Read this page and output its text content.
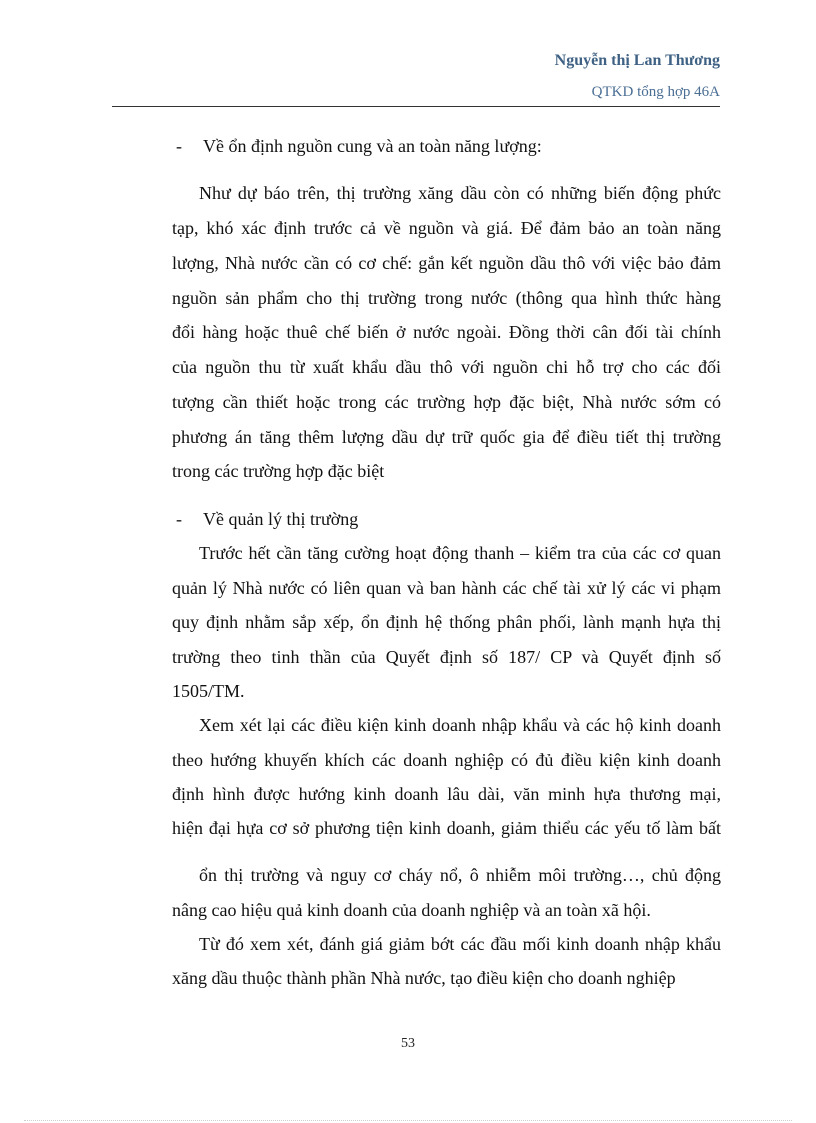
Nguyễn thị Lan Thương
QTKD tổng hợp 46A
- Về ổn định nguồn cung và an toàn năng lượng:
Như dự báo trên, thị trường xăng dầu còn có những biến động phức
tạp, khó xác định trước cả về nguồn và giá. Để đảm bảo an toàn năng
lượng, Nhà nước cần có cơ chế: gắn kết nguồn dầu thô với việc bảo đảm
nguồn sản phẩm cho thị trường trong nước (thông qua hình thức hàng
đổi hàng hoặc thuê chế biến ở nước ngoài. Đồng thời cân đối tài chính
của nguồn thu từ xuất khẩu dầu thô với nguồn chi hỗ trợ cho các đối
tượng cần thiết hoặc trong các trường hợp đặc biệt, Nhà nước sớm có
phương án tăng thêm lượng dầu dự trữ quốc gia để điều tiết thị trường
trong các trường hợp đặc biệt
- Về quản lý thị trường
Trước hết cần tăng cường hoạt động thanh – kiểm tra của các cơ quan
quản lý Nhà nước có liên quan và ban hành các chế tài xử lý các vi phạm
quy định nhằm sắp xếp, ổn định hệ thống phân phối, lành mạnh hựa thị
trường theo tinh thần của Quyết định số 187/ CP và Quyết định số
1505/TM.
Xem xét lại các điều kiện kinh doanh nhập khẩu và các hộ kinh doanh
theo hướng khuyến khích các doanh nghiệp có đủ điều kiện kinh doanh
định hình được hướng kinh doanh lâu dài, văn minh hựa thương mại,
hiện đại hựa cơ sở phương tiện kinh doanh, giảm thiểu các yếu tố làm bất
ổn thị trường và nguy cơ cháy nổ, ô nhiễm môi trường…, chủ động
nâng cao hiệu quả kinh doanh của doanh nghiệp và an toàn xã hội.
Từ đó xem xét, đánh giá giảm bớt các đầu mối kinh doanh nhập khẩu
xăng dầu thuộc thành phần Nhà nước, tạo điều kiện cho doanh nghiệp
53
